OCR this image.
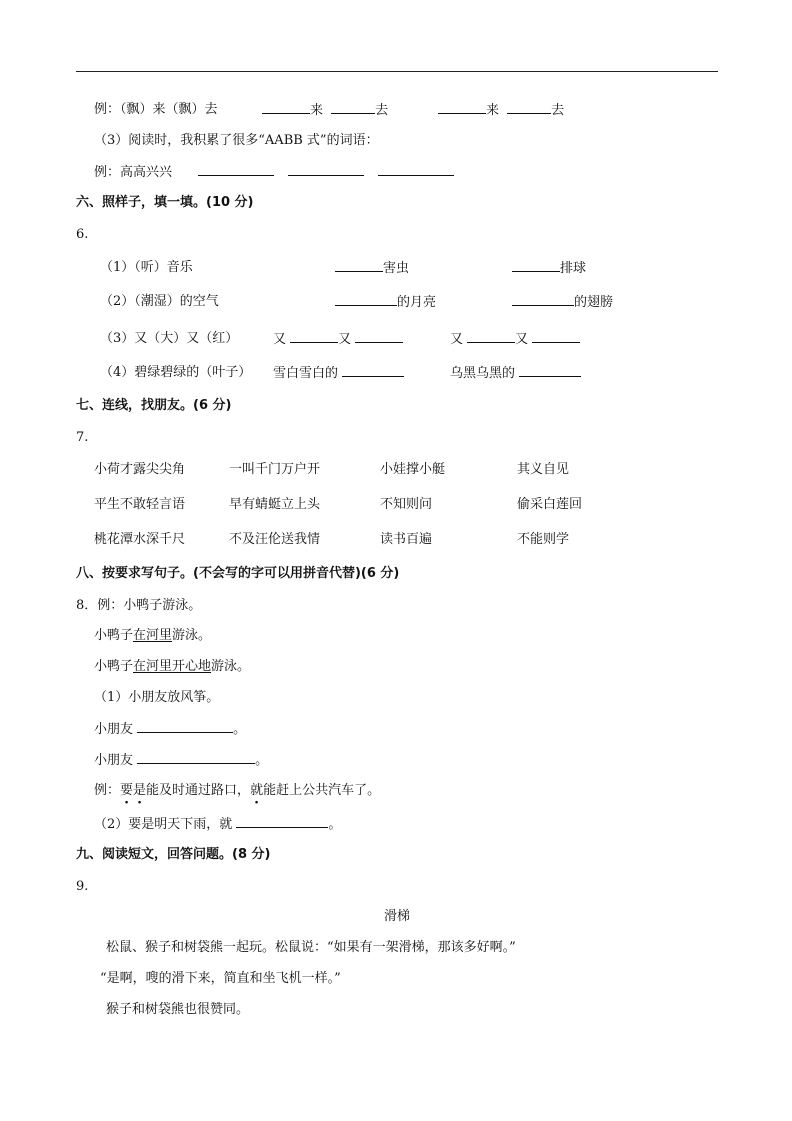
例：（飘）来（飘）去	来	去	来	去
（3）阅读时，我积累了很多“AABB 式”的词语：
例：高高兴兴
六、照样子，填一填。(10 分)
6.
（1）（听）音乐	害虫	排球
（2）（潮湿）的空气	的月亮	的翅膀
（3）又（大）又（红）	又	又	又	又
（4）碧绿碧绿的（叶子） 雪白雪白的	乌黑乌黑的
七、连线，找朋友。(6 分)
7.
小荷才露尖尖角	一叫千门万户开	小娃撑小艇	其义自见
平生不敢轻言语	早有蜻蜓立上头	不知则问	偷采白莲回
桃花潭水深千尺	不及汪伦送我情	读书百遍	不能则学
八、按要求写句子。(不会写的字可以用拼音代替)(6 分)
8．例：小鸭子游泳。
小鸭子在河里游泳。
小鸭子在河里开心地游泳。
（1）小朋友放风筝。
小朋友	。
小朋友	。
例：要是能及时通过路口，就能赶上公共汽车了。
（2）要是明天下雨，就	。
九、阅读短文，回答问题。(8 分)
9.
滑梯
松鼠、猴子和树袋熊一起玩。松鼠说：“如果有一架滑梯，那该多好啊。”
“是啊，嗖的滑下来，简直和坐飞机一样。”
猴子和树袋熊也很赞同。
